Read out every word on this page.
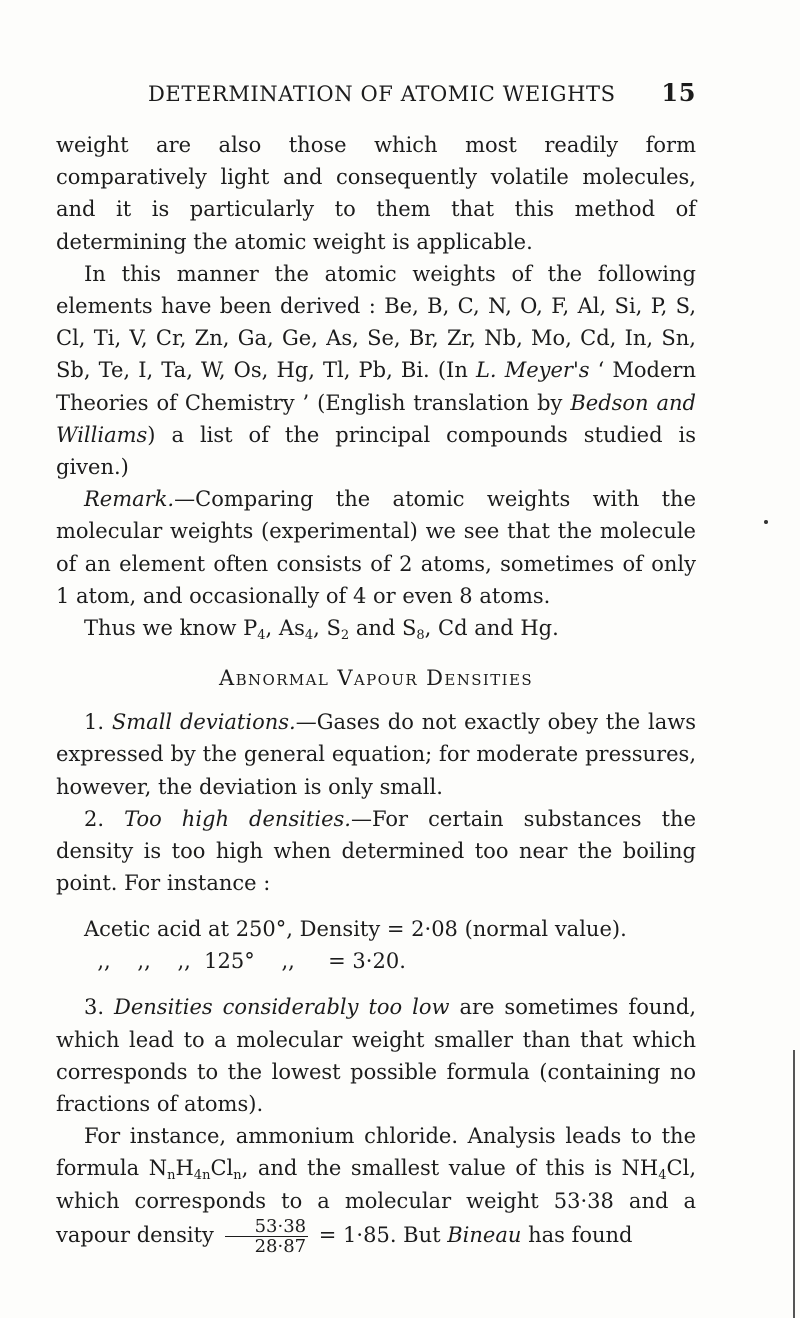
DETERMINATION OF ATOMIC WEIGHTS 15

weight are also those which most readily form comparatively light and consequently volatile molecules, and it is particularly to them that this method of determining the atomic weight is applicable.

In this manner the atomic weights of the following elements have been derived : Be, B, C, N, O, F, Al, Si, P, S, Cl, Ti, V, Cr, Zn, Ga, Ge, As, Se, Br, Zr, Nb, Mo, Cd, In, Sn, Sb, Te, I, Ta, W, Os, Hg, Tl, Pb, Bi. (In L. Meyer's ‘ Modern Theories of Chemistry ’ (English translation by Bedson and Williams) a list of the principal compounds studied is given.)

Remark.—Comparing the atomic weights with the molecular weights (experimental) we see that the molecule of an element often consists of 2 atoms, sometimes of only 1 atom, and occasionally of 4 or even 8 atoms.

Thus we know $P_4$, $As_4$, $S_2$ and $S_8$, Cd and Hg.

Abnormal Vapour Densities

1. Small deviations.—Gases do not exactly obey the laws expressed by the general equation; for moderate pressures, however, the deviation is only small.

2. Too high densities.—For certain substances the density is too high when determined too near the boiling point. For instance :

Acetic acid at 250°, Density = 2·08 (normal value).
,,    ,,    ,,  125°    ,,     = 3·20.

3. Densities considerably too low are sometimes found, which lead to a molecular weight smaller than that which corresponds to the lowest possible formula (containing no fractions of atoms).

For instance, ammonium chloride. Analysis leads to the formula $N_nH_{4n}Cl_n$, and the smallest value of this is $NH_4Cl$, which corresponds to a molecular weight 53·38 and a vapour density $\frac{53\cdot 38}{28\cdot 87} = 1\cdot 85$. But Bineau has found
